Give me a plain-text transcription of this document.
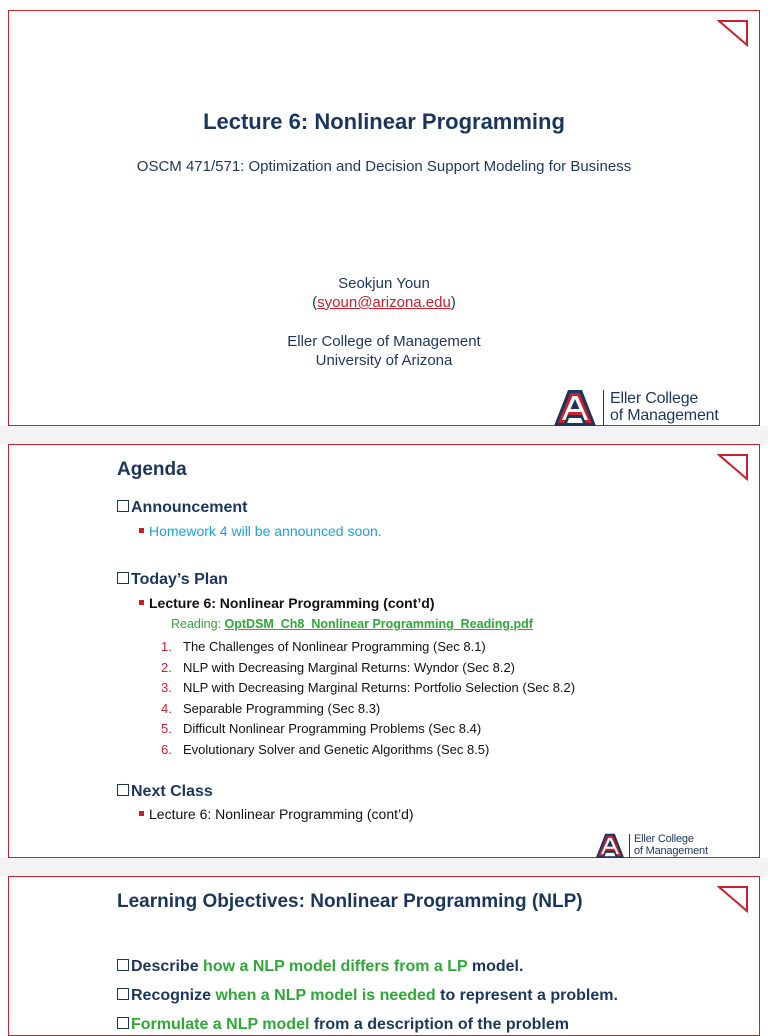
Lecture 6: Nonlinear Programming
OSCM 471/571: Optimization and Decision Support Modeling for Business
Seokjun Youn
(syoun@arizona.edu)
Eller College of Management
University of Arizona
Eller College
of Management
Agenda
Announcement
Homework 4 will be announced soon.
Today’s Plan
Lecture 6: Nonlinear Programming (cont’d)
Reading: OptDSM_Ch8_Nonlinear Programming_Reading.pdf
1. The Challenges of Nonlinear Programming (Sec 8.1)
2. NLP with Decreasing Marginal Returns: Wyndor (Sec 8.2)
3. NLP with Decreasing Marginal Returns: Portfolio Selection (Sec 8.2)
4. Separable Programming (Sec 8.3)
5. Difficult Nonlinear Programming Problems (Sec 8.4)
6. Evolutionary Solver and Genetic Algorithms (Sec 8.5)
Next Class
Lecture 6: Nonlinear Programming (cont’d)
Eller College
of Management
Learning Objectives: Nonlinear Programming (NLP)
Describe how a NLP model differs from a LP model.
Recognize when a NLP model is needed to represent a problem.
Formulate a NLP model from a description of the problem
